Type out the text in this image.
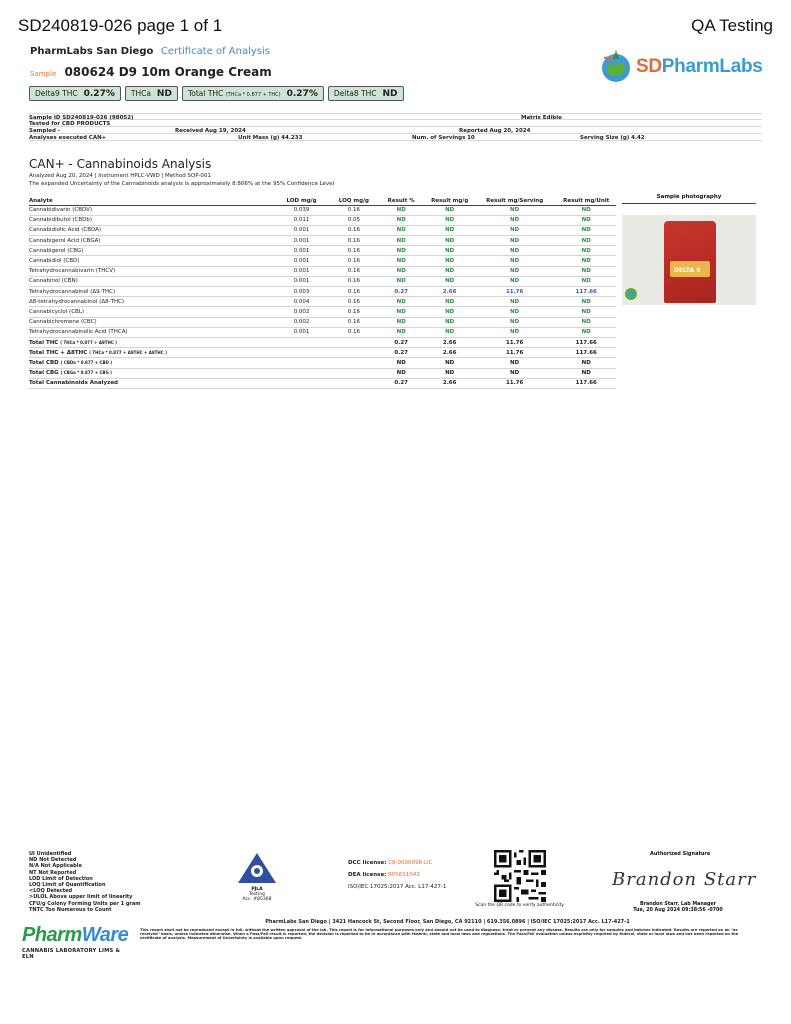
SD240819-026 page 1 of 1	QA Testing
PharmLabs San Diego Certificate of Analysis
Sample 080624 D9 10m Orange Cream
Delta9 THC 0.27% THCa ND Total THC (THCa * 0.877 + THC) 0.27% Delta8 THC ND
SDPharmLabs
Sample ID SD240819-026 (98052)	Matrix Edible
Tested for CBD PRODUCTS
Sampled -	Received Aug 19, 2024	Reported Aug 20, 2024
Analyses executed CAN+	Unit Mass (g) 44.233	Num. of Servings 10	Serving Size (g) 4.42
CAN+ - Cannabinoids Analysis
Analyzed Aug 20, 2024 | Instrument HPLC-VWD | Method SOP-001
The expanded Uncertainty of the Cannabinoids analysis is approximately 8.806% at the 95% Confidence Level
Analyte	LOD mg/g	LOQ mg/g	Result %	Result mg/g	Result mg/Serving	Result mg/Unit
Cannabidivarin (CBDV)	0.039	0.16	ND	ND	ND	ND
Cannabidibutol (CBDb)	0.011	0.05	ND	ND	ND	ND
Cannabidiolic Acid (CBDA)	0.001	0.16	ND	ND	ND	ND
Cannabigerol Acid (CBGA)	0.001	0.16	ND	ND	ND	ND
Cannabigerol (CBG)	0.001	0.16	ND	ND	ND	ND
Cannabidiol (CBD)	0.001	0.16	ND	ND	ND	ND
Tetrahydrocannabivarin (THCV)	0.001	0.16	ND	ND	ND	ND
Cannabinol (CBN)	0.001	0.16	ND	ND	ND	ND
Tetrahydrocannabinol (Δ9-THC)	0.003	0.16	0.27	2.66	11.76	117.66
Δ8-tetrahydrocannabinol (Δ8-THC)	0.004	0.16	ND	ND	ND	ND
Cannabicyclol (CBL)	0.002	0.16	ND	ND	ND	ND
Cannabichromene (CBC)	0.002	0.16	ND	ND	ND	ND
Tetrahydrocannabinolic Acid (THCA)	0.001	0.16	ND	ND	ND	ND
Total THC ( THCa * 0.877 + Δ9THC )			0.27	2.66	11.76	117.66
Total THC + Δ8THC ( THCa * 0.877 + Δ9THC + Δ8THC )			0.27	2.66	11.76	117.66
Total CBD ( CBDa * 0.877 + CBD )			ND	ND	ND	ND
Total CBG ( CBGa * 0.877 + CBG )			ND	ND	ND	ND
Total Cannabinoids Analyzed			0.27	2.66	11.76	117.66
Sample photography
DELTA 9
UI Unidentified
ND Not Detected
N/A Not Applicable
NT Not Reported
LOD Limit of Detection
LOQ Limit of Quantification
<LOQ Detected
>ULOL Above upper limit of linearity
CFU/g Colony Forming Units per 1 gram
TNTC Too Numerous to Count
PJLA
Testing
Acc. #85368
DCC license: C8-0000098-LIC
DEA license: RP0611043
ISO/IEC 17025:2017 Acc. L17-427-1
Scan the QR code to verify authenticity.
Authorized Signature
Brandon Starr
Brandon Starr, Lab Manager
Tue, 20 Aug 2024 09:38:56 -0700
PharmLabs San Diego | 3421 Hancock St, Second Floor, San Diego, CA 92110 | 619.356.0896 | ISO/IEC 17025:2017 Acc. L17-427-1
This report shall not be reproduced except in full, without the written approval of the lab. This report is for informational purposes only and should not be used to diagnose, treat or prevent any disease. Results are only for samples and batches indicated. Results are reported on an "as received" basis, unless indicated otherwise. When a Pass/Fail result is reported, the decision is reported to be in accordance with federal, state and local laws and regulations. The Pass/Fail evaluation unless explicitly required by federal, state or local laws and has been reported on the certificate of analysis. Measurement of Uncertainty is available upon request.
PharmWare
CANNABIS LABORATORY LIMS & ELN
